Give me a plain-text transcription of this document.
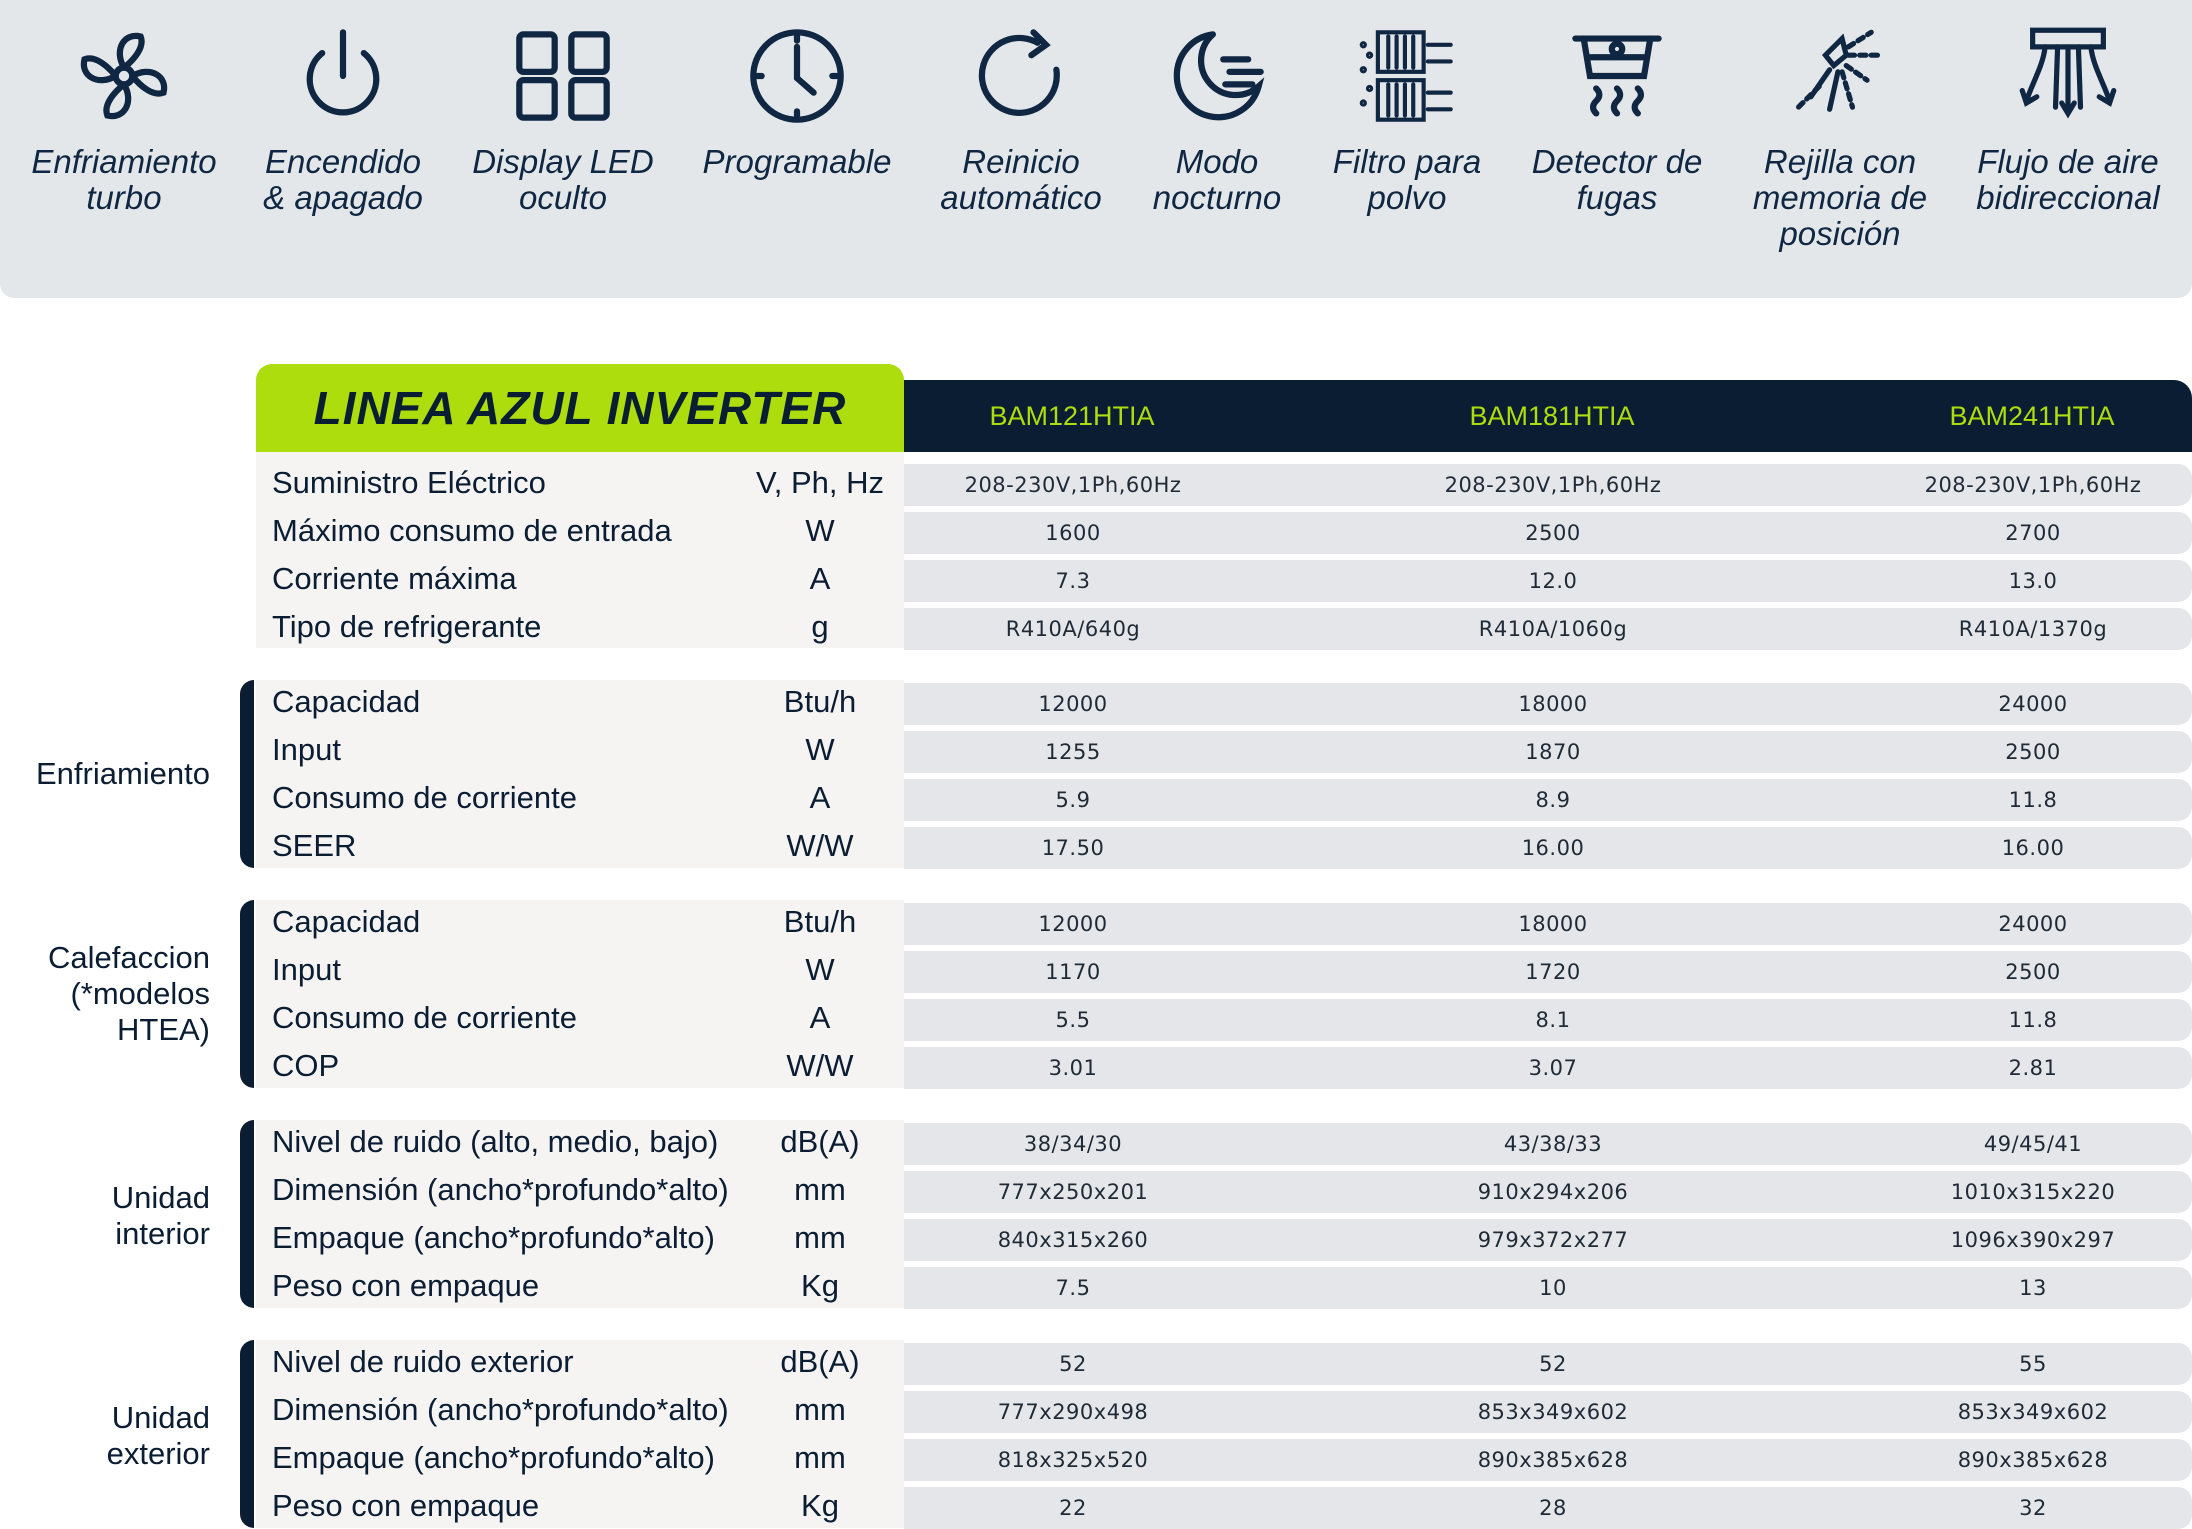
Enfriamiento
turbo
Encendido
& apagado
Display LED
oculto
Programable	Reinicio
automático
Modo
nocturno
Filtro para
polvo
Detector de
fugas
Rejilla con
memoria de
posición
Flujo de aire
bidireccional
LINEA AZUL INVERTER	BAM121HTIA	BAM181HTIA	BAM241HTIA
Enfriamiento
Calefaccion
(*modelos
HTEA)
Unidad
interior
Unidad
exterior
Suministro Eléctrico	V, Ph, Hz	208-230V,1Ph,60Hz	208-230V,1Ph,60Hz	208-230V,1Ph,60Hz
Máximo consumo de entrada	W	1600	2500	2700
Corriente máxima	A	7.3	12.0	13.0
Tipo de refrigerante	g	R410A/640g	R410A/1060g	R410A/1370g
Capacidad	Btu/h	12000	18000	24000
Input	W	1255	1870	2500
Consumo de corriente	A	5.9	8.9	11.8
SEER	W/W	17.50	16.00	16.00
Capacidad	Btu/h	12000	18000	24000
Input	W	1170	1720	2500
Consumo de corriente	A	5.5	8.1	11.8
COP	W/W	3.01	3.07	2.81
Nivel de ruido (alto, medio, bajo)	dB(A)	38/34/30	43/38/33	49/45/41
Dimensión (ancho*profundo*alto)	mm	777x250x201	910x294x206	1010x315x220
Empaque (ancho*profundo*alto)	mm	840x315x260	979x372x277	1096x390x297
Peso con empaque	Kg	7.5	10	13
Nivel de ruido exterior	dB(A)	52	52	55
Dimensión (ancho*profundo*alto)	mm	777x290x498	853x349x602	853x349x602
Empaque (ancho*profundo*alto)	mm	818x325x520	890x385x628	890x385x628
Peso con empaque	Kg	22	28	32
